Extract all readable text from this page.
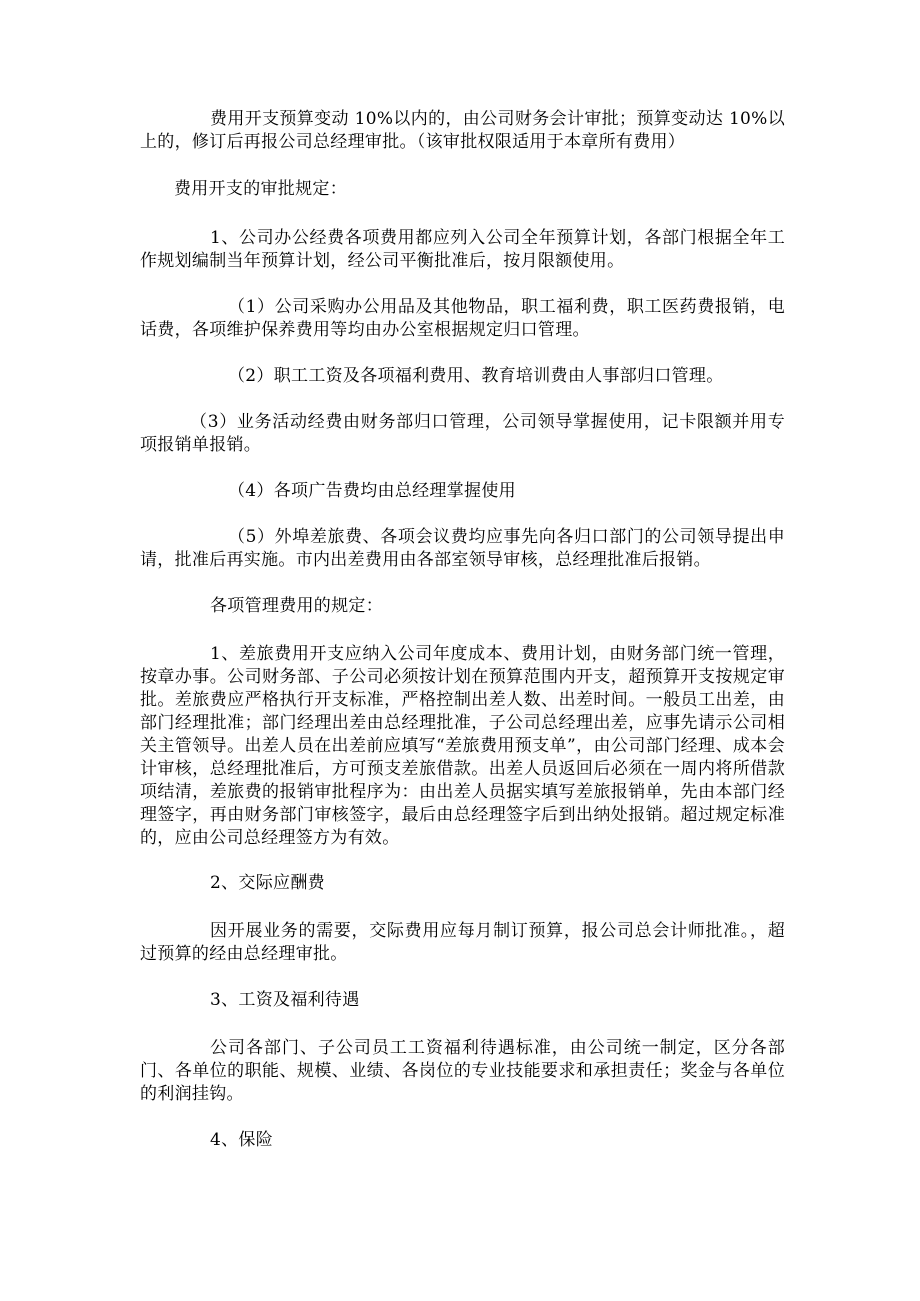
费用开支预算变动 10%以内的，由公司财务会计审批；预算变动达 10%以上的，修订后再报公司总经理审批。（该审批权限适用于本章所有费用）

费用开支的审批规定：

1、公司办公经费各项费用都应列入公司全年预算计划，各部门根据全年工作规划编制当年预算计划，经公司平衡批准后，按月限额使用。

（1）公司采购办公用品及其他物品，职工福利费，职工医药费报销，电话费，各项维护保养费用等均由办公室根据规定归口管理。

（2）职工工资及各项福利费用、教育培训费由人事部归口管理。

（3）业务活动经费由财务部归口管理，公司领导掌握使用，记卡限额并用专项报销单报销。

（4）各项广告费均由总经理掌握使用

（5）外埠差旅费、各项会议费均应事先向各归口部门的公司领导提出申请，批准后再实施。市内出差费用由各部室领导审核，总经理批准后报销。

各项管理费用的规定：

1、差旅费用开支应纳入公司年度成本、费用计划，由财务部门统一管理，按章办事。公司财务部、子公司必须按计划在预算范围内开支，超预算开支按规定审批。差旅费应严格执行开支标准，严格控制出差人数、出差时间。一般员工出差，由部门经理批准；部门经理出差由总经理批准，子公司总经理出差，应事先请示公司相关主管领导。出差人员在出差前应填写“差旅费用预支单”，由公司部门经理、成本会计审核，总经理批准后，方可预支差旅借款。出差人员返回后必须在一周内将所借款项结清，差旅费的报销审批程序为：由出差人员据实填写差旅报销单，先由本部门经理签字，再由财务部门审核签字，最后由总经理签字后到出纳处报销。超过规定标准的，应由公司总经理签方为有效。

2、交际应酬费

因开展业务的需要，交际费用应每月制订预算，报公司总会计师批准。，超过预算的经由总经理审批。

3、工资及福利待遇

公司各部门、子公司员工工资福利待遇标准，由公司统一制定，区分各部门、各单位的职能、规模、业绩、各岗位的专业技能要求和承担责任；奖金与各单位的利润挂钩。

4、保险
